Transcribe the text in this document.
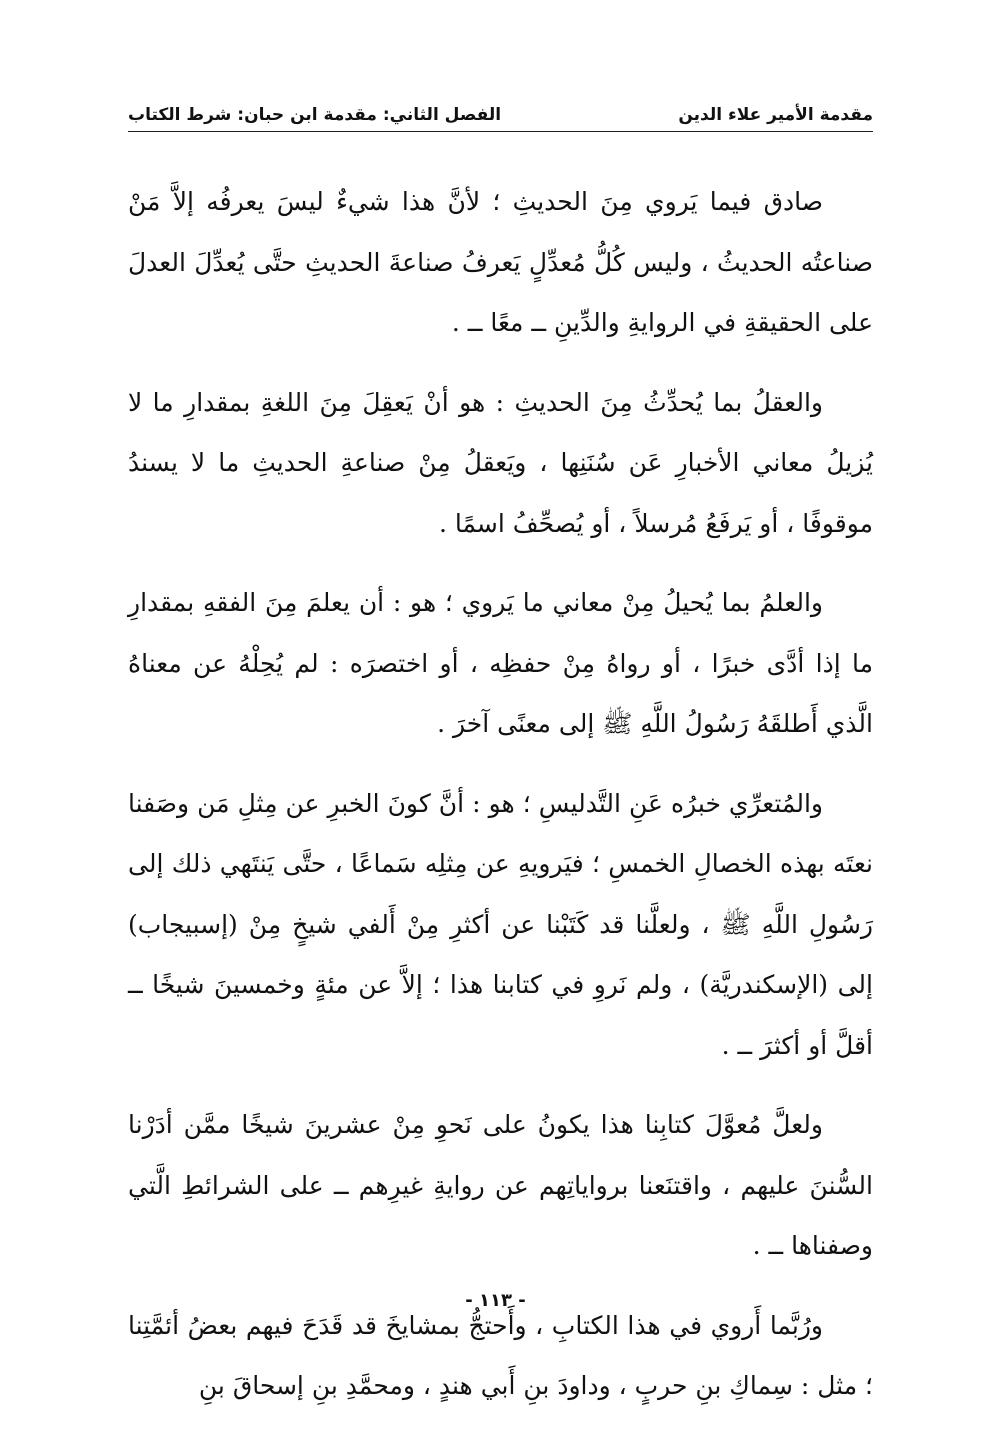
مقدمة الأمير علاء الدين
الفصل الثاني: مقدمة ابن حبان: شرط الكتاب

صادق فيما يَروي مِنَ الحديثِ ؛ لأنَّ هذا شيءٌ ليسَ يعرفُه إلاَّ مَنْ صناعتُه الحديثُ ، وليس كُلُّ مُعدِّلٍ يَعرفُ صناعةَ الحديثِ حتَّى يُعدِّلَ العدلَ على الحقيقةِ في الروايةِ والدِّينِ ــ معًا ــ .

والعقلُ بما يُحدِّثُ مِنَ الحديثِ : هو أنْ يَعقِلَ مِنَ اللغةِ بمقدارِ ما لا يُزيلُ معاني الأخبارِ عَن سُنَنِها ، ويَعقلُ مِنْ صناعةِ الحديثِ ما لا يسندُ موقوفًا ، أو يَرفَعُ مُرسلاً ، أو يُصحِّفُ اسمًا .

والعلمُ بما يُحيلُ مِنْ معاني ما يَروي ؛ هو : أن يعلمَ مِنَ الفقهِ بمقدارِ ما إذا أدَّى خبرًا ، أو رواهُ مِنْ حفظِه ، أو اختصرَه : لم يُحِلْهُ عن معناهُ الَّذي أَطلقَهُ رَسُولُ اللَّهِ ﷺ إلى معنًى آخرَ .

والمُتعرِّي خبرُه عَنِ التَّدليسِ ؛ هو : أنَّ كونَ الخبرِ عن مِثلِ مَن وصَفنا نعتَه بهذه الخصالِ الخمسِ ؛ فيَرويهِ عن مِثلِه سَماعًا ، حتَّى يَنتَهي ذلك إلى رَسُولِ اللَّهِ ﷺ ، ولعلَّنا قد كَتَبْنا عن أكثرِ مِنْ أَلفي شيخٍ مِنْ (إسبيجاب) إلى (الإسكندريَّة) ، ولم نَروِ في كتابنا هذا ؛ إلاَّ عن مئةٍ وخمسينَ شيخًا ــ أقلَّ أو أكثرَ ــ .

ولعلَّ مُعوَّلَ كتابِنا هذا يكونُ على نَحوِ مِنْ عشرينَ شيخًا ممَّن أدَرْنا السُّننَ عليهم ، واقتنَعنا برواياتِهم عن روايةِ غيرِهم ــ على الشرائطِ الَّتي وصفناها ــ .

ورُبَّما أَروي في هذا الكتابِ ، وأَحتجُّ بمشايخَ قد قَدَحَ فيهم بعضُ أئمَّتِنا ؛ مثل : سِماكِ بنِ حربٍ ، وداودَ بنِ أَبي هندٍ ، ومحمَّدِ بنِ إسحاقَ بنِ

- ١١٣ -
